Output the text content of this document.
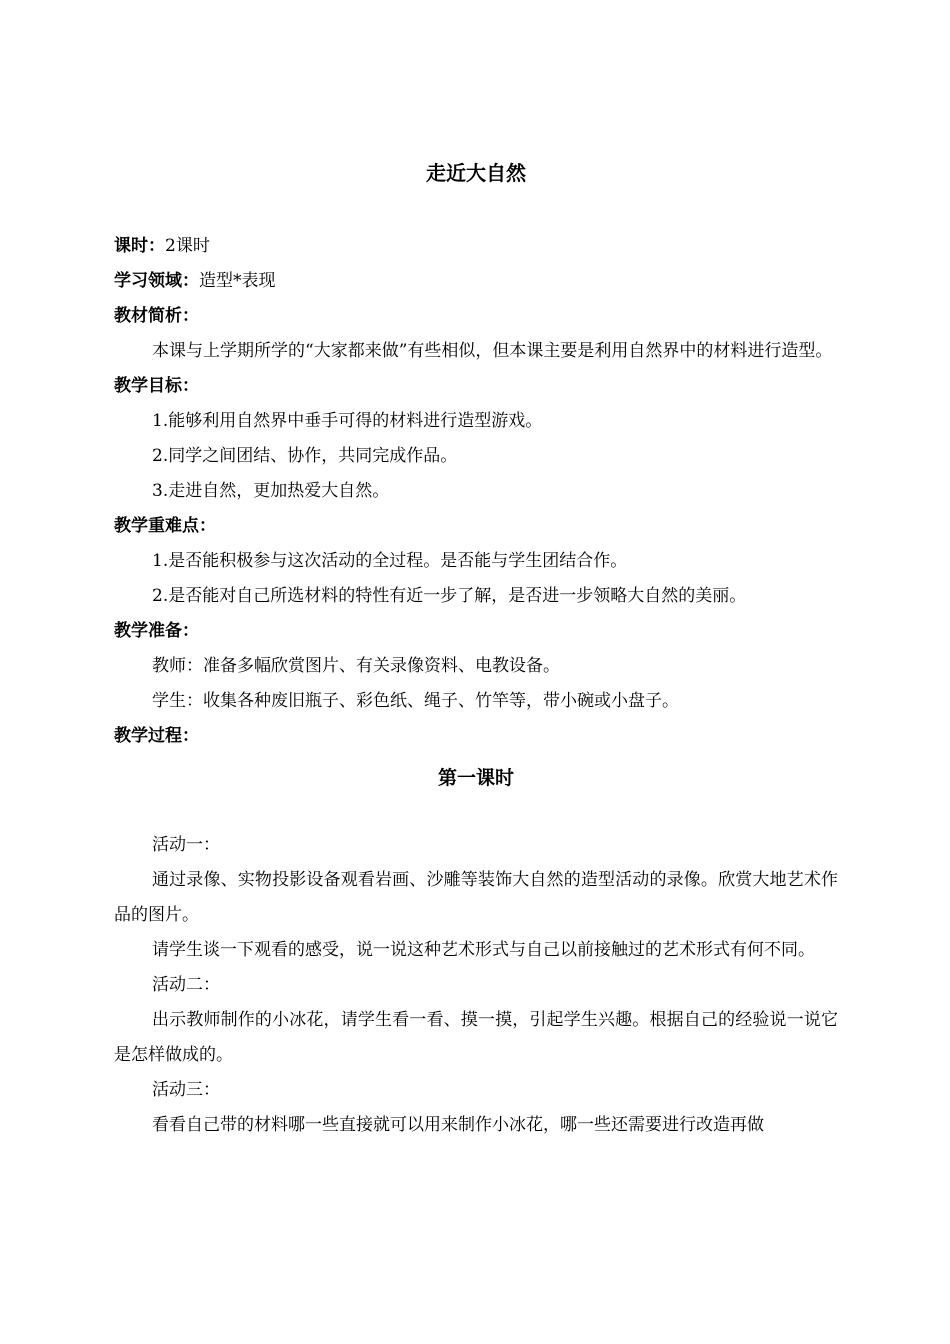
走近大自然

课时：2课时

学习领域：造型*表现

教材简析：

本课与上学期所学的“大家都来做”有些相似，但本课主要是利用自然界中的材料进行造型。

教学目标：

1.能够利用自然界中垂手可得的材料进行造型游戏。

2.同学之间团结、协作，共同完成作品。

3.走进自然，更加热爱大自然。

教学重难点：

1.是否能积极参与这次活动的全过程。是否能与学生团结合作。

2.是否能对自己所选材料的特性有近一步了解，是否进一步领略大自然的美丽。

教学准备：

教师：准备多幅欣赏图片、有关录像资料、电教设备。

学生：收集各种废旧瓶子、彩色纸、绳子、竹竿等，带小碗或小盘子。

教学过程：

第一课时

活动一：

通过录像、实物投影设备观看岩画、沙雕等装饰大自然的造型活动的录像。欣赏大地艺术作品的图片。

请学生谈一下观看的感受，说一说这种艺术形式与自己以前接触过的艺术形式有何不同。

活动二：

出示教师制作的小冰花，请学生看一看、摸一摸，引起学生兴趣。根据自己的经验说一说它是怎样做成的。

活动三：

看看自己带的材料哪一些直接就可以用来制作小冰花，哪一些还需要进行改造再做
